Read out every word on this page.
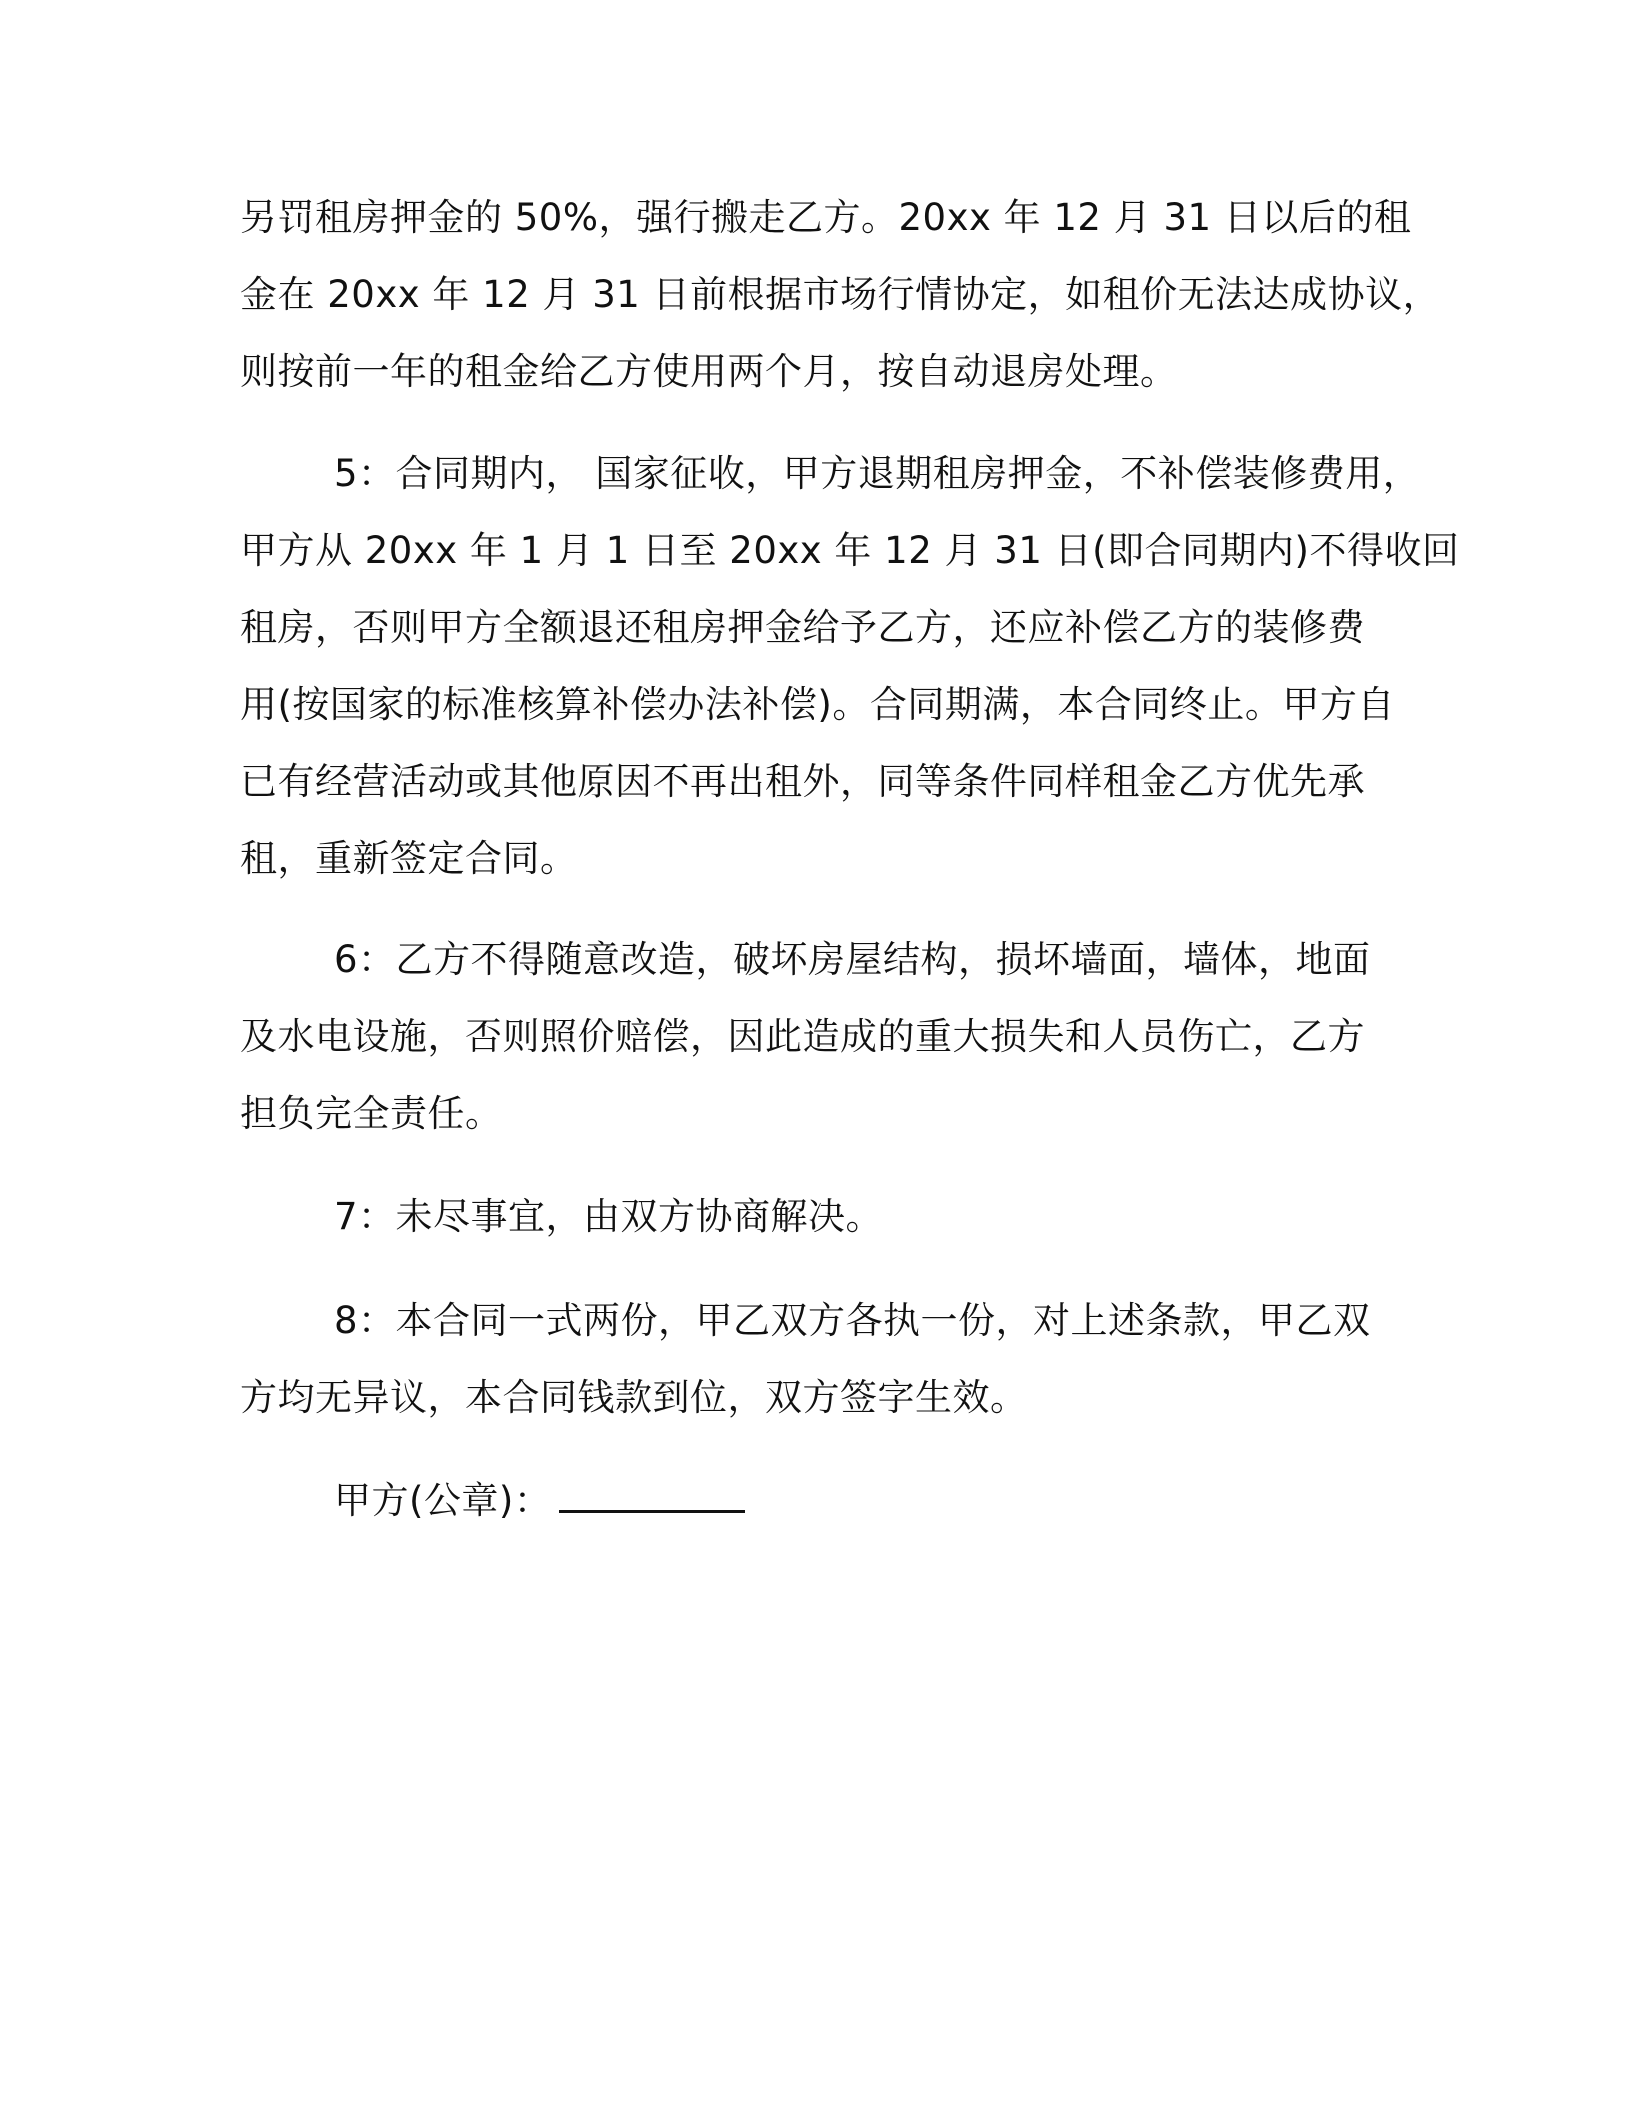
另罚租房押金的 50%，强行搬走乙方。20xx 年 12 月 31 日以后的租
金在 20xx 年 12 月 31 日前根据市场行情协定，如租价无法达成协议，
则按前一年的租金给乙方使用两个月，按自动退房处理。
5：合同期内， 国家征收，甲方退期租房押金，不补偿装修费用，
甲方从 20xx 年 1 月 1 日至 20xx 年 12 月 31 日(即合同期内)不得收回
租房，否则甲方全额退还租房押金给予乙方，还应补偿乙方的装修费
用(按国家的标准核算补偿办法补偿)。合同期满，本合同终止。甲方自
已有经营活动或其他原因不再出租外，同等条件同样租金乙方优先承
租，重新签定合同。
6：乙方不得随意改造，破坏房屋结构，损坏墙面，墙体，地面
及水电设施，否则照价赔偿，因此造成的重大损失和人员伤亡，乙方
担负完全责任。
7：未尽事宜，由双方协商解决。
8：本合同一式两份，甲乙双方各执一份，对上述条款，甲乙双
方均无异议，本合同钱款到位，双方签字生效。
甲方(公章)：
